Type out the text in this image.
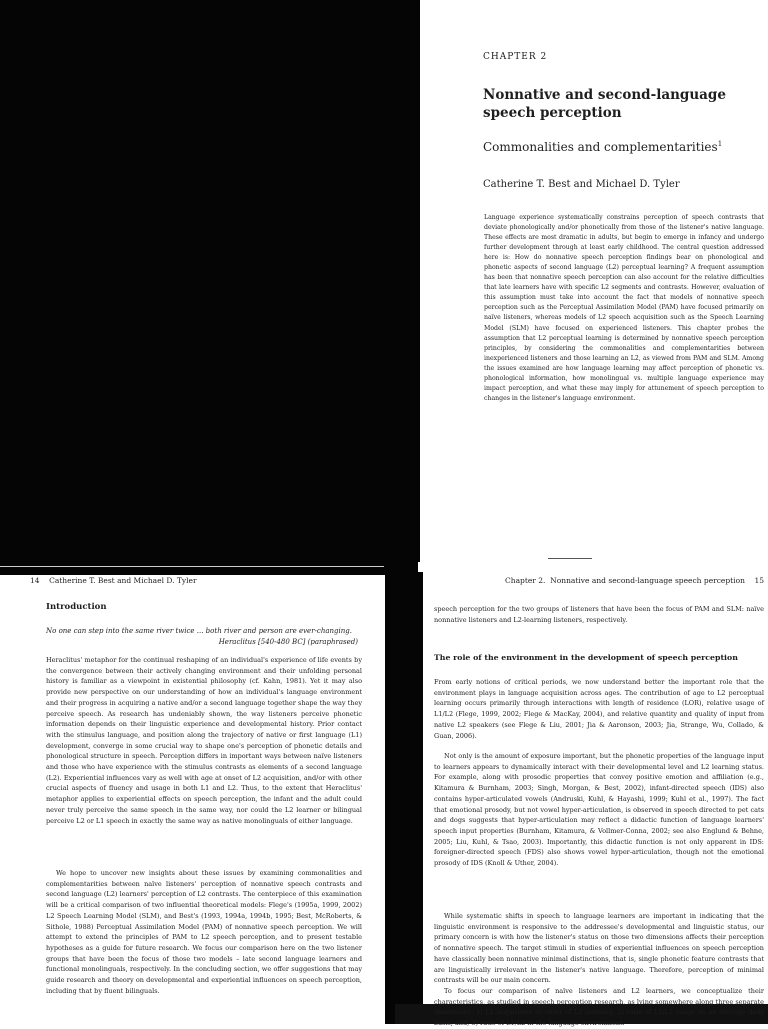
CHAPTER 2
Nonnative and second-language speech perception
Commonalities and complementarities$^1$
Catherine T. Best and Michael D. Tyler

Language experience systematically constrains perception of speech contrasts that deviate phonologically and/or phonetically from those of the listener's native language. These effects are most dramatic in adults, but begin to emerge in infancy and undergo further development through at least early childhood. The central question addressed here is: How do nonnative speech perception findings bear on phonological and phonetic aspects of second language (L2) perceptual learning? A frequent assumption has been that nonnative speech perception can also account for the relative difficulties that late learners have with specific L2 segments and contrasts. However, evaluation of this assumption must take into account the fact that models of nonnative speech perception such as the Perceptual Assimilation Model (PAM) have focused primarily on naïve listeners, whereas models of L2 speech acquisition such as the Speech Learning Model (SLM) have focused on experienced listeners. This chapter probes the assumption that L2 perceptual learning is determined by nonnative speech perception principles, by considering the commonalities and complementarities between inexperienced listeners and those learning an L2, as viewed from PAM and SLM. Among the issues examined are how language learning may affect perception of phonetic vs. phonological information, how monolingual vs. multiple language experience may impact perception, and what these may imply for attunement of speech perception to changes in the listener's language environment.

14    Catherine T. Best and Michael D. Tyler
Introduction
No one can step into the same river twice ... both river and person are ever-changing.
Heraclitus [540-480 BC] (paraphrased)

Heraclitus' metaphor for the continual reshaping of an individual's experience of life events by the convergence between their actively changing environment and their unfolding personal history is familiar as a viewpoint in existential philosophy (cf. Kahn, 1981). Yet it may also provide new perspective on our understanding of how an individual's language environment and their progress in acquiring a native and/or a second language together shape the way they perceive speech. As research has undeniably shown, the way listeners perceive phonetic information depends on their linguistic experience and developmental history. Prior contact with the stimulus language, and position along the trajectory of native or first language (L1) development, converge in some crucial way to shape one's perception of phonetic details and phonological structure in speech. Perception differs in important ways between naïve listeners and those who have experience with the stimulus contrasts as elements of a second language (L2). Experiential influences vary as well with age at onset of L2 acquisition, and/or with other crucial aspects of fluency and usage in both L1 and L2. Thus, to the extent that Heraclitus' metaphor applies to experiential effects on speech perception, the infant and the adult could never truly perceive the same speech in the same way, nor could the L2 learner or bilingual perceive L2 or L1 speech in exactly the same way as native monolinguals of either language.

We hope to uncover new insights about these issues by examining commonalities and complementarities between naïve listeners' perception of nonnative speech contrasts and second language (L2) learners' perception of L2 contrasts. The centerpiece of this examination will be a critical comparison of two influential theoretical models: Flege's (1995a, 1999, 2002) L2 Speech Learning Model (SLM), and Best's (1993, 1994a, 1994b, 1995; Best, McRoberts, & Sithole, 1988) Perceptual Assimilation Model (PAM) of nonnative speech perception. We will attempt to extend the principles of PAM to L2 speech perception, and to present testable hypotheses as a guide for future research. We focus our comparison here on the two listener groups that have been the focus of those two models – late second language learners and functional monolinguals, respectively. In the concluding section, we offer suggestions that may guide research and theory on developmental and experiential influences on speech perception, including that by fluent bilinguals.

Chapter 2.  Nonnative and second-language speech perception    15

speech perception for the two groups of listeners that have been the focus of PAM and SLM: naïve nonnative listeners and L2-learning listeners, respectively.

The role of the environment in the development of speech perception

From early notions of critical periods, we now understand better the important role that the environment plays in language acquisition across ages. The contribution of age to L2 perceptual learning occurs primarily through interactions with length of residence (LOR), relative usage of L1/L2 (Flege, 1999, 2002; Flege & MacKay, 2004), and relative quantity and quality of input from native L2 speakers (see Flege & Liu, 2001; Jia & Aaronson, 2003; Jia, Strange, Wu, Collado, & Guan, 2006).

Not only is the amount of exposure important, but the phonetic properties of the language input to learners appears to dynamically interact with their developmental level and L2 learning status. For example, along with prosodic properties that convey positive emotion and affiliation (e.g., Kitamura & Burnham, 2003; Singh, Morgan, & Best, 2002), infant-directed speech (IDS) also contains hyper-articulated vowels (Andruski, Kuhl, & Hayashi, 1999; Kuhl et al., 1997). The fact that emotional prosody, but not vowel hyper-articulation, is observed in speech directed to pet cats and dogs suggests that hyper-articulation may reflect a didactic function of language learners' speech input properties (Burnham, Kitamura, & Vollmer-Conna, 2002; see also Englund & Behne, 2005; Liu, Kuhl, & Tsao, 2003). Importantly, this didactic function is not only apparent in IDS: foreigner-directed speech (FDS) also shows vowel hyper-articulation, though not the emotional prosody of IDS (Knoll & Uther, 2004).

While systematic shifts in speech to language learners are important in indicating that the linguistic environment is responsive to the addressee's developmental and linguistic status, our primary concern is with how the listener's status on those two dimensions affects their perception of nonnative speech. The target stimuli in studies of experiential influences on speech perception have classically been nonnative minimal distinctions, that is, single phonetic feature contrasts that are linguistically irrelevant in the listener's native language. Therefore, perception of minimal contrasts will be our main concern.

To focus our comparison of naïve listeners and L2 learners, we conceptualize their characteristics, as studied in speech perception research, as lying somewhere along three separate dimensions: 1) L1 acquisition at onset of L2 learning; 2) ratio of L1/L2 usage on an average daily basis, and; 3) ratio of L1/L2 in the language environment.
